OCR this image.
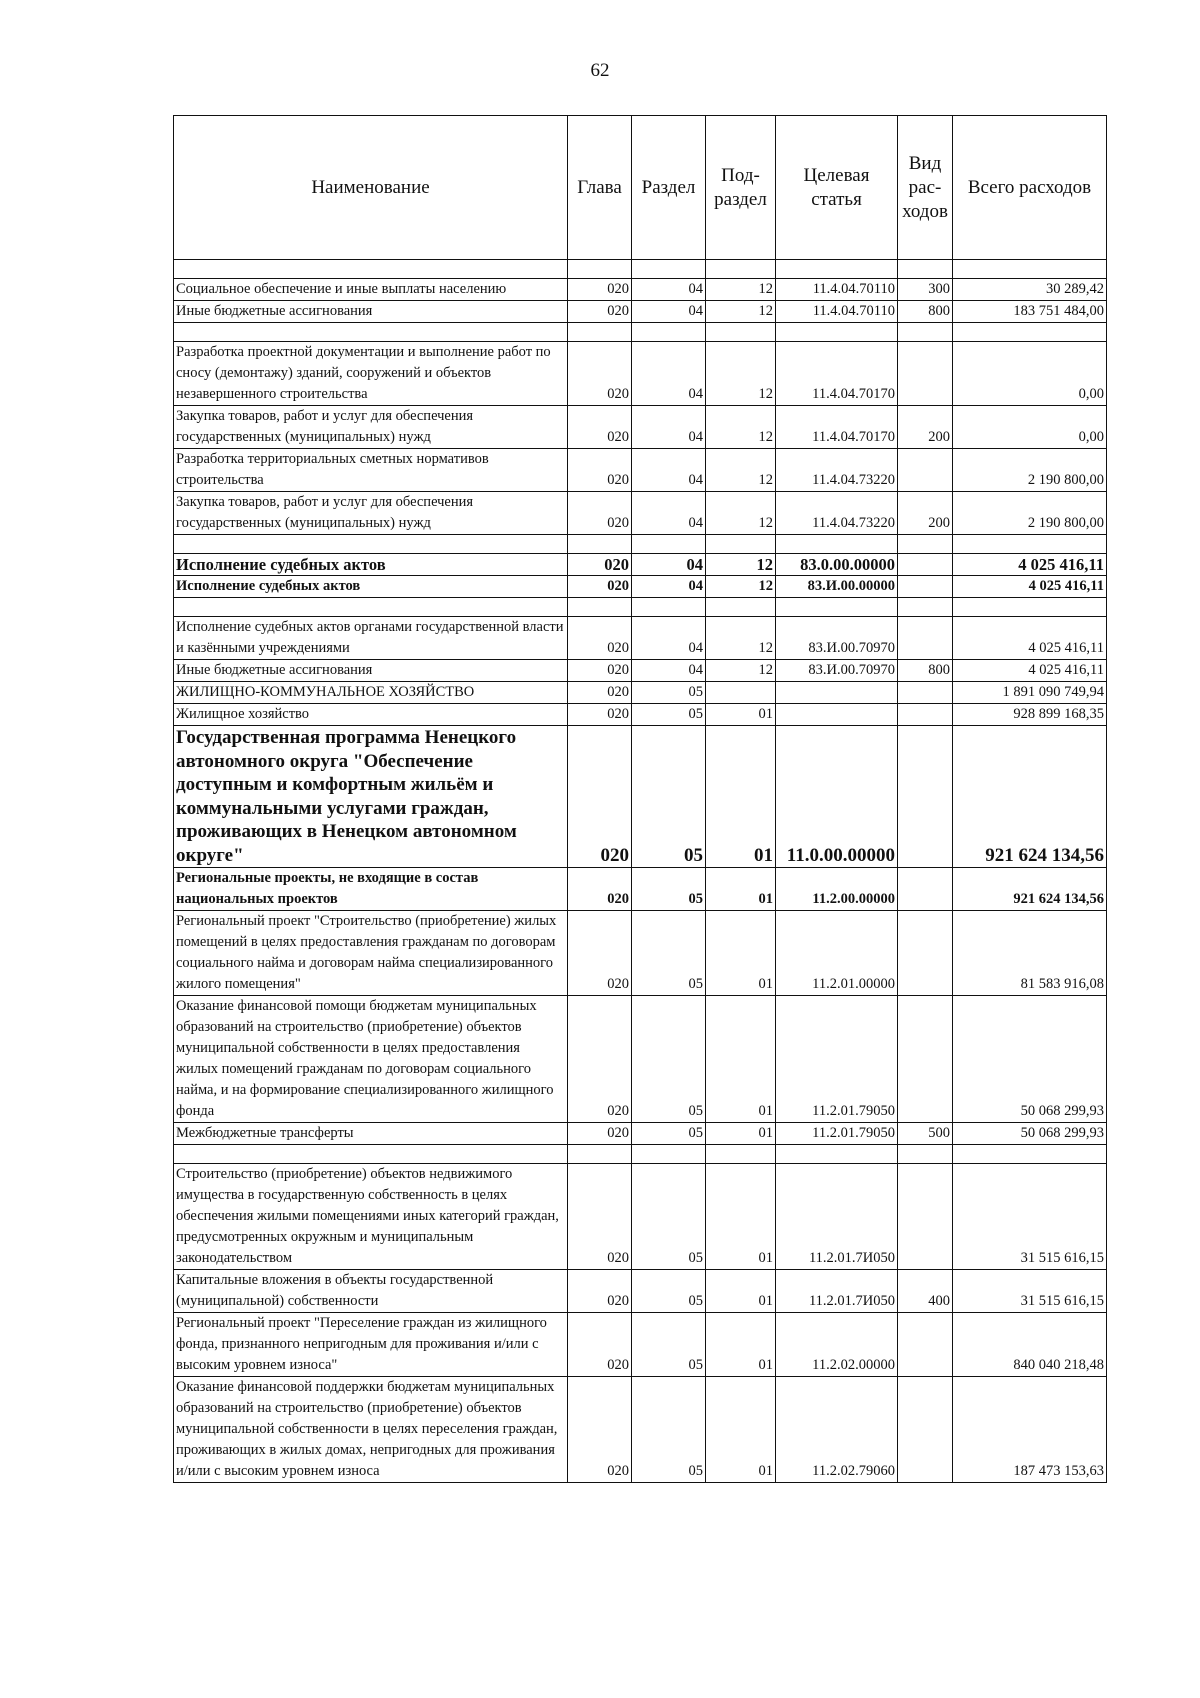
62
Наименование	Глава	Раздел	Под-раздел	Целевая статья	Вид рас-ходов	Всего расходов

Социальное обеспечение и иные выплаты населению	020	04	12	11.4.04.70110	300	30 289,42
Иные бюджетные ассигнования	020	04	12	11.4.04.70110	800	183 751 484,00

Разработка проектной документации и выполнение работ по сносу (демонтажу) зданий, сооружений и объектов незавершенного строительства	020	04	12	11.4.04.70170		0,00
Закупка товаров, работ и услуг для обеспечения государственных (муниципальных) нужд	020	04	12	11.4.04.70170	200	0,00
Разработка территориальных сметных нормативов строительства	020	04	12	11.4.04.73220		2 190 800,00
Закупка товаров, работ и услуг для обеспечения государственных (муниципальных) нужд	020	04	12	11.4.04.73220	200	2 190 800,00

Исполнение судебных актов	020	04	12	83.0.00.00000		4 025 416,11
Исполнение судебных актов	020	04	12	83.И.00.00000		4 025 416,11

Исполнение судебных актов органами государственной власти и казёнными учреждениями	020	04	12	83.И.00.70970		4 025 416,11
Иные бюджетные ассигнования	020	04	12	83.И.00.70970	800	4 025 416,11
ЖИЛИЩНО-КОММУНАЛЬНОЕ ХОЗЯЙСТВО	020	05				1 891 090 749,94
Жилищное хозяйство	020	05	01			928 899 168,35
Государственная программа Ненецкого автономного округа "Обеспечение доступным и комфортным жильём и коммунальными услугами граждан, проживающих в Ненецком автономном округе"	020	05	01	11.0.00.00000		921 624 134,56
Региональные проекты, не входящие в состав национальных проектов	020	05	01	11.2.00.00000		921 624 134,56
Региональный проект "Строительство (приобретение) жилых помещений в целях предоставления гражданам по договорам социального найма и договорам найма специализированного жилого помещения"	020	05	01	11.2.01.00000		81 583 916,08
Оказание финансовой помощи бюджетам муниципальных образований на строительство (приобретение) объектов муниципальной собственности в целях предоставления жилых помещений гражданам по договорам социального найма, и на формирование специализированного жилищного фонда	020	05	01	11.2.01.79050		50 068 299,93
Межбюджетные трансферты	020	05	01	11.2.01.79050	500	50 068 299,93

Строительство (приобретение) объектов недвижимого имущества в государственную собственность в целях обеспечения жилыми помещениями иных категорий граждан, предусмотренных окружным и муниципальным законодательством	020	05	01	11.2.01.7И050		31 515 616,15
Капитальные вложения в объекты государственной (муниципальной) собственности	020	05	01	11.2.01.7И050	400	31 515 616,15
Региональный проект "Переселение граждан из жилищного фонда, признанного непригодным для проживания и/или с высоким уровнем износа"	020	05	01	11.2.02.00000		840 040 218,48
Оказание финансовой поддержки бюджетам муниципальных образований на строительство (приобретение) объектов муниципальной собственности в целях переселения граждан, проживающих в жилых домах, непригодных для проживания и/или с высоким уровнем износа	020	05	01	11.2.02.79060		187 473 153,63
